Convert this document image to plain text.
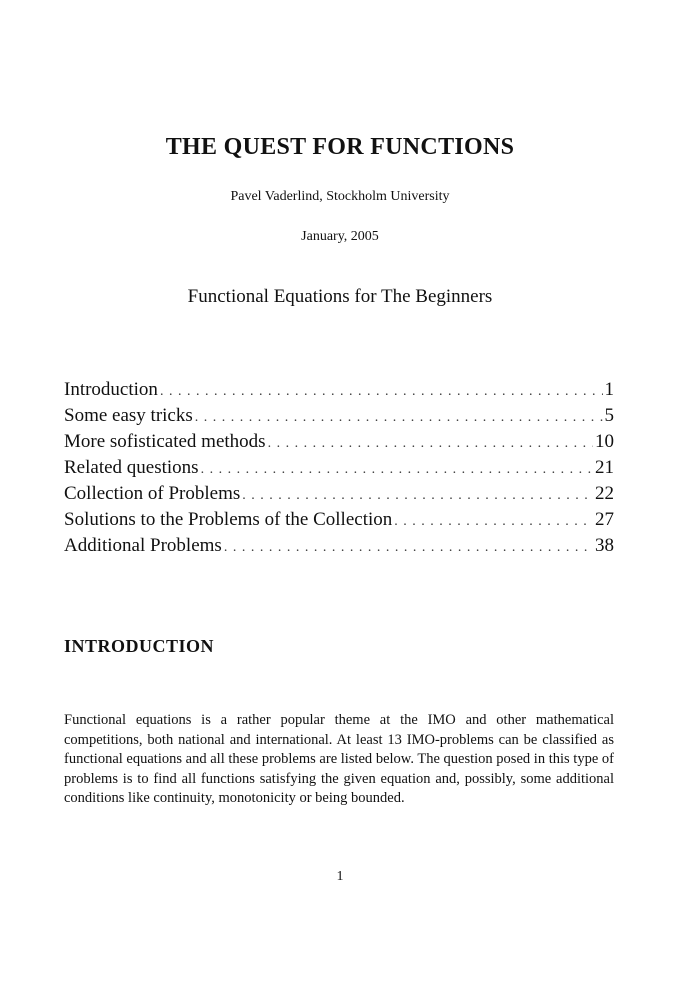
THE QUEST FOR FUNCTIONS
Pavel Vaderlind, Stockholm University
January, 2005
Functional Equations for The Beginners
Introduction . . .	1
Some easy tricks . . .	5
More sofisticated methods . . .	10
Related questions . . .	21
Collection of Problems . . .	22
Solutions to the Problems of the Collection . . .	27
Additional Problems . . .	38
INTRODUCTION
Functional equations is a rather popular theme at the IMO and other mathematical competitions, both national and international. At least 13 IMO-problems can be classified as functional equations and all these problems are listed below. The question posed in this type of problems is to find all functions satisfying the given equation and, possibly, some additional conditions like continuity, monotonicity or being bounded.
1
